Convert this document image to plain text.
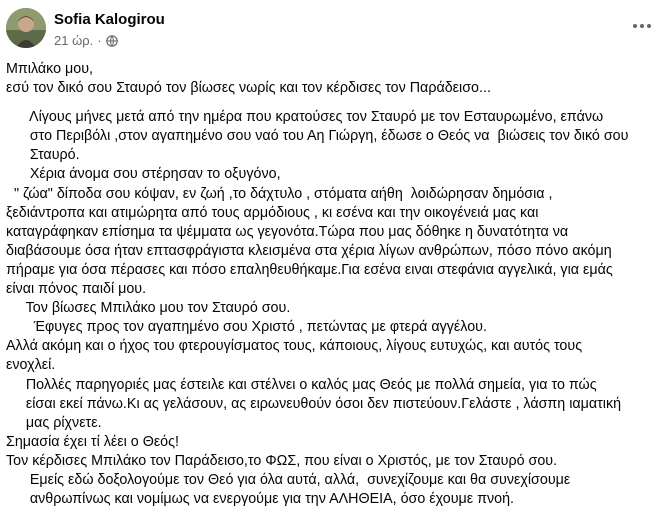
Sofia Kalogirou
21 ώρ. ·
Μπιλάκο μου,
εσύ τον δικό σου Σταυρό τον βίωσες νωρίς και τον κέρδισες τον Παράδεισο...
Λίγους μήνες μετά από την ημέρα που κρατούσες τον Σταυρό με τον Εσταυρωμένο, επάνω
στο Περιβόλι ,στον αγαπημένο σου ναό του Αη Γιώργη, έδωσε ο Θεός να  βιώσεις τον δικό σου
Σταυρό.
Χέρια άνομα σου στέρησαν το οξυγόνο,
" ζώα" δίποδα σου κόψαν, εν ζωή ,το δάχτυλο , στόματα αήθη  λοιδώρησαν δημόσια ,
ξεδιάντροπα και ατιμώρητα από τους αρμόδιους , κι εσένα και την οικογένειά μας και
καταγράφηκαν επίσημα τα ψέμματα ως γεγονότα.Τώρα που μας δόθηκε η δυνατότητα να
διαβάσουμε όσα ήταν επτασφράγιστα κλεισμένα στα χέρια λίγων ανθρώπων, πόσο πόνο ακόμη
πήραμε για όσα πέρασες και πόσο επαληθευθήκαμε.Για εσένα ειναι στεφάνια αγγελικά, για εμάς
είναι πόνος παιδί μου.
Τον βίωσες Μπιλάκο μου τον Σταυρό σου.
Έφυγες προς τον αγαπημένο σου Χριστό , πετώντας με φτερά αγγέλου.
Αλλά ακόμη και ο ήχος του φτερουγίσματος τους, κάποιους, λίγους ευτυχώς, και αυτός τους
ενοχλεί.
Πολλές παρηγοριές μας έστειλε και στέλνει ο καλός μας Θεός με πολλά σημεία, για το πώς
είσαι εκεί πάνω.Κι ας γελάσουν, ας ειρωνευθούν όσοι δεν πιστεύουν.Γελάστε , λάσπη ιαματική
μας ρίχνετε.
Σημασία έχει τί λέει ο Θεός!
Τον κέρδισες Μπιλάκο τον Παράδεισο,το ΦΩΣ, που είναι ο Χριστός, με τον Σταυρό σου.
Εμείς εδώ δοξολογούμε τον Θεό για όλα αυτά, αλλά,  συνεχίζουμε και θα συνεχίσουμε
ανθρωπίνως και νομίμως να ενεργούμε για την ΑΛΗΘΕΙΑ, όσο έχουμε πνοή.
